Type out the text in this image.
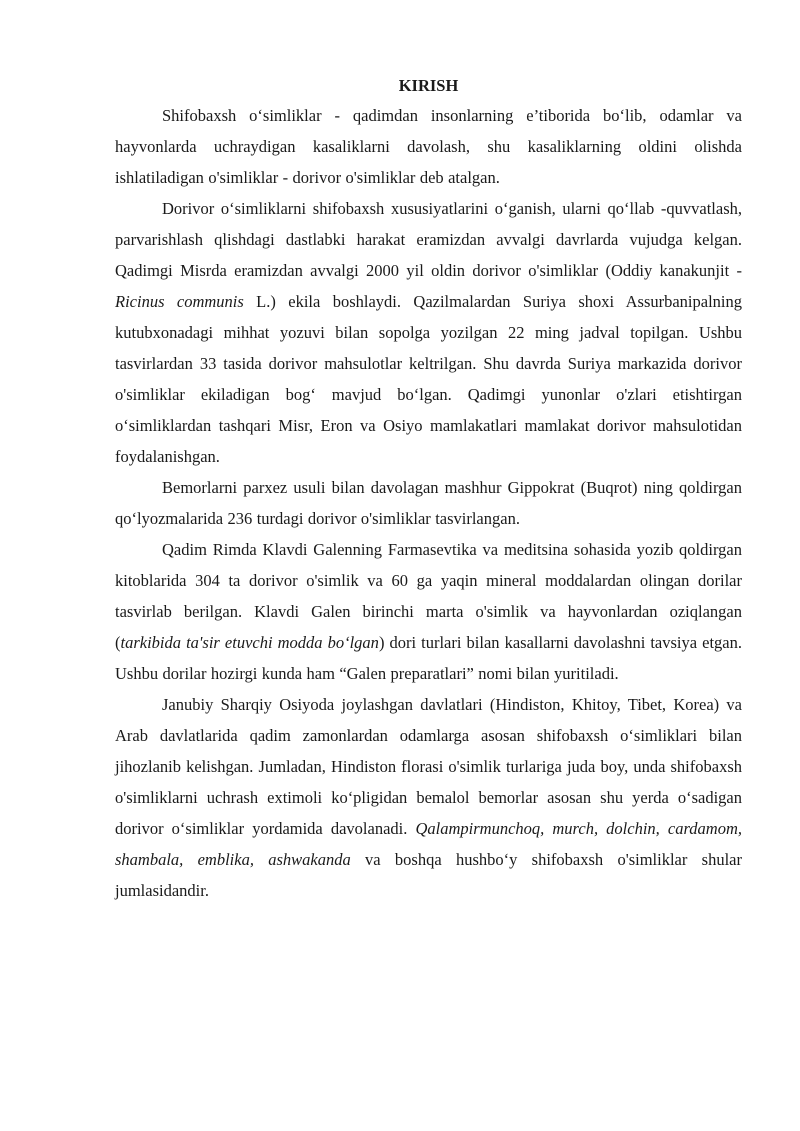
KIRISH

Shifobaxsh o‘simliklar - qadimdan insonlarning e’tiborida bo‘lib, odamlar va hayvonlarda uchraydigan kasaliklarni davolash, shu kasaliklarning oldini olishda ishlatiladigan o'simliklar - dorivor o'simliklar deb atalgan.

Dorivor o‘simliklarni shifobaxsh xususiyatlarini o‘ganish, ularni qo‘llab -quvvatlash, parvarishlash qlishdagi dastlabki harakat eramizdan avvalgi davrlarda vujudga kelgan. Qadimgi Misrda eramizdan avvalgi 2000 yil oldin dorivor o'simliklar (Oddiy kanakunjit - Ricinus communis L.) ekila boshlaydi. Qazilmalardan Suriya shoxi Assurbanipalning kutubxonadagi mihhat yozuvi bilan sopolga yozilgan 22 ming jadval topilgan. Ushbu tasvirlardan 33 tasida dorivor mahsulotlar keltrilgan. Shu davrda Suriya markazida dorivor o'simliklar ekiladigan bog‘ mavjud bo‘lgan. Qadimgi yunonlar o'zlari etishtirgan o‘simliklardan tashqari Misr, Eron va Osiyo mamlakatlari mamlakat dorivor mahsulotidan foydalanishgan.

Bemorlarni parxez usuli bilan davolagan mashhur Gippokrat (Buqrot) ning qoldirgan qo‘lyozmalarida 236 turdagi dorivor o'simliklar tasvirlangan.

Qadim Rimda Klavdi Galenning Farmasevtika va meditsina sohasida yozib qoldirgan kitoblarida 304 ta dorivor o'simlik va 60 ga yaqin mineral moddalardan olingan dorilar tasvirlab berilgan. Klavdi Galen birinchi marta o'simlik va hayvonlardan oziqlangan (tarkibida ta'sir etuvchi modda bo‘lgan) dori turlari bilan kasallarni davolashni tavsiya etgan. Ushbu dorilar hozirgi kunda ham “Galen preparatlari” nomi bilan yuritiladi.

Janubiy Sharqiy Osiyoda joylashgan davlatlari (Hindiston, Khitoy, Tibet, Korea) va Arab davlatlarida qadim zamonlardan odamlarga asosan shifobaxsh o‘simliklari bilan jihozlanib kelishgan. Jumladan, Hindiston florasi o'simlik turlariga juda boy, unda shifobaxsh o'simliklarni uchrash extimoli ko‘pligidan bemalol bemorlar asosan shu yerda o‘sadigan dorivor o‘simliklar yordamida davolanadi. Qalampirmunchoq, murch, dolchin, cardamom, shambala, emblika, ashwakanda va boshqa hushbo‘y shifobaxsh o'simliklar shular jumlasidandir.
